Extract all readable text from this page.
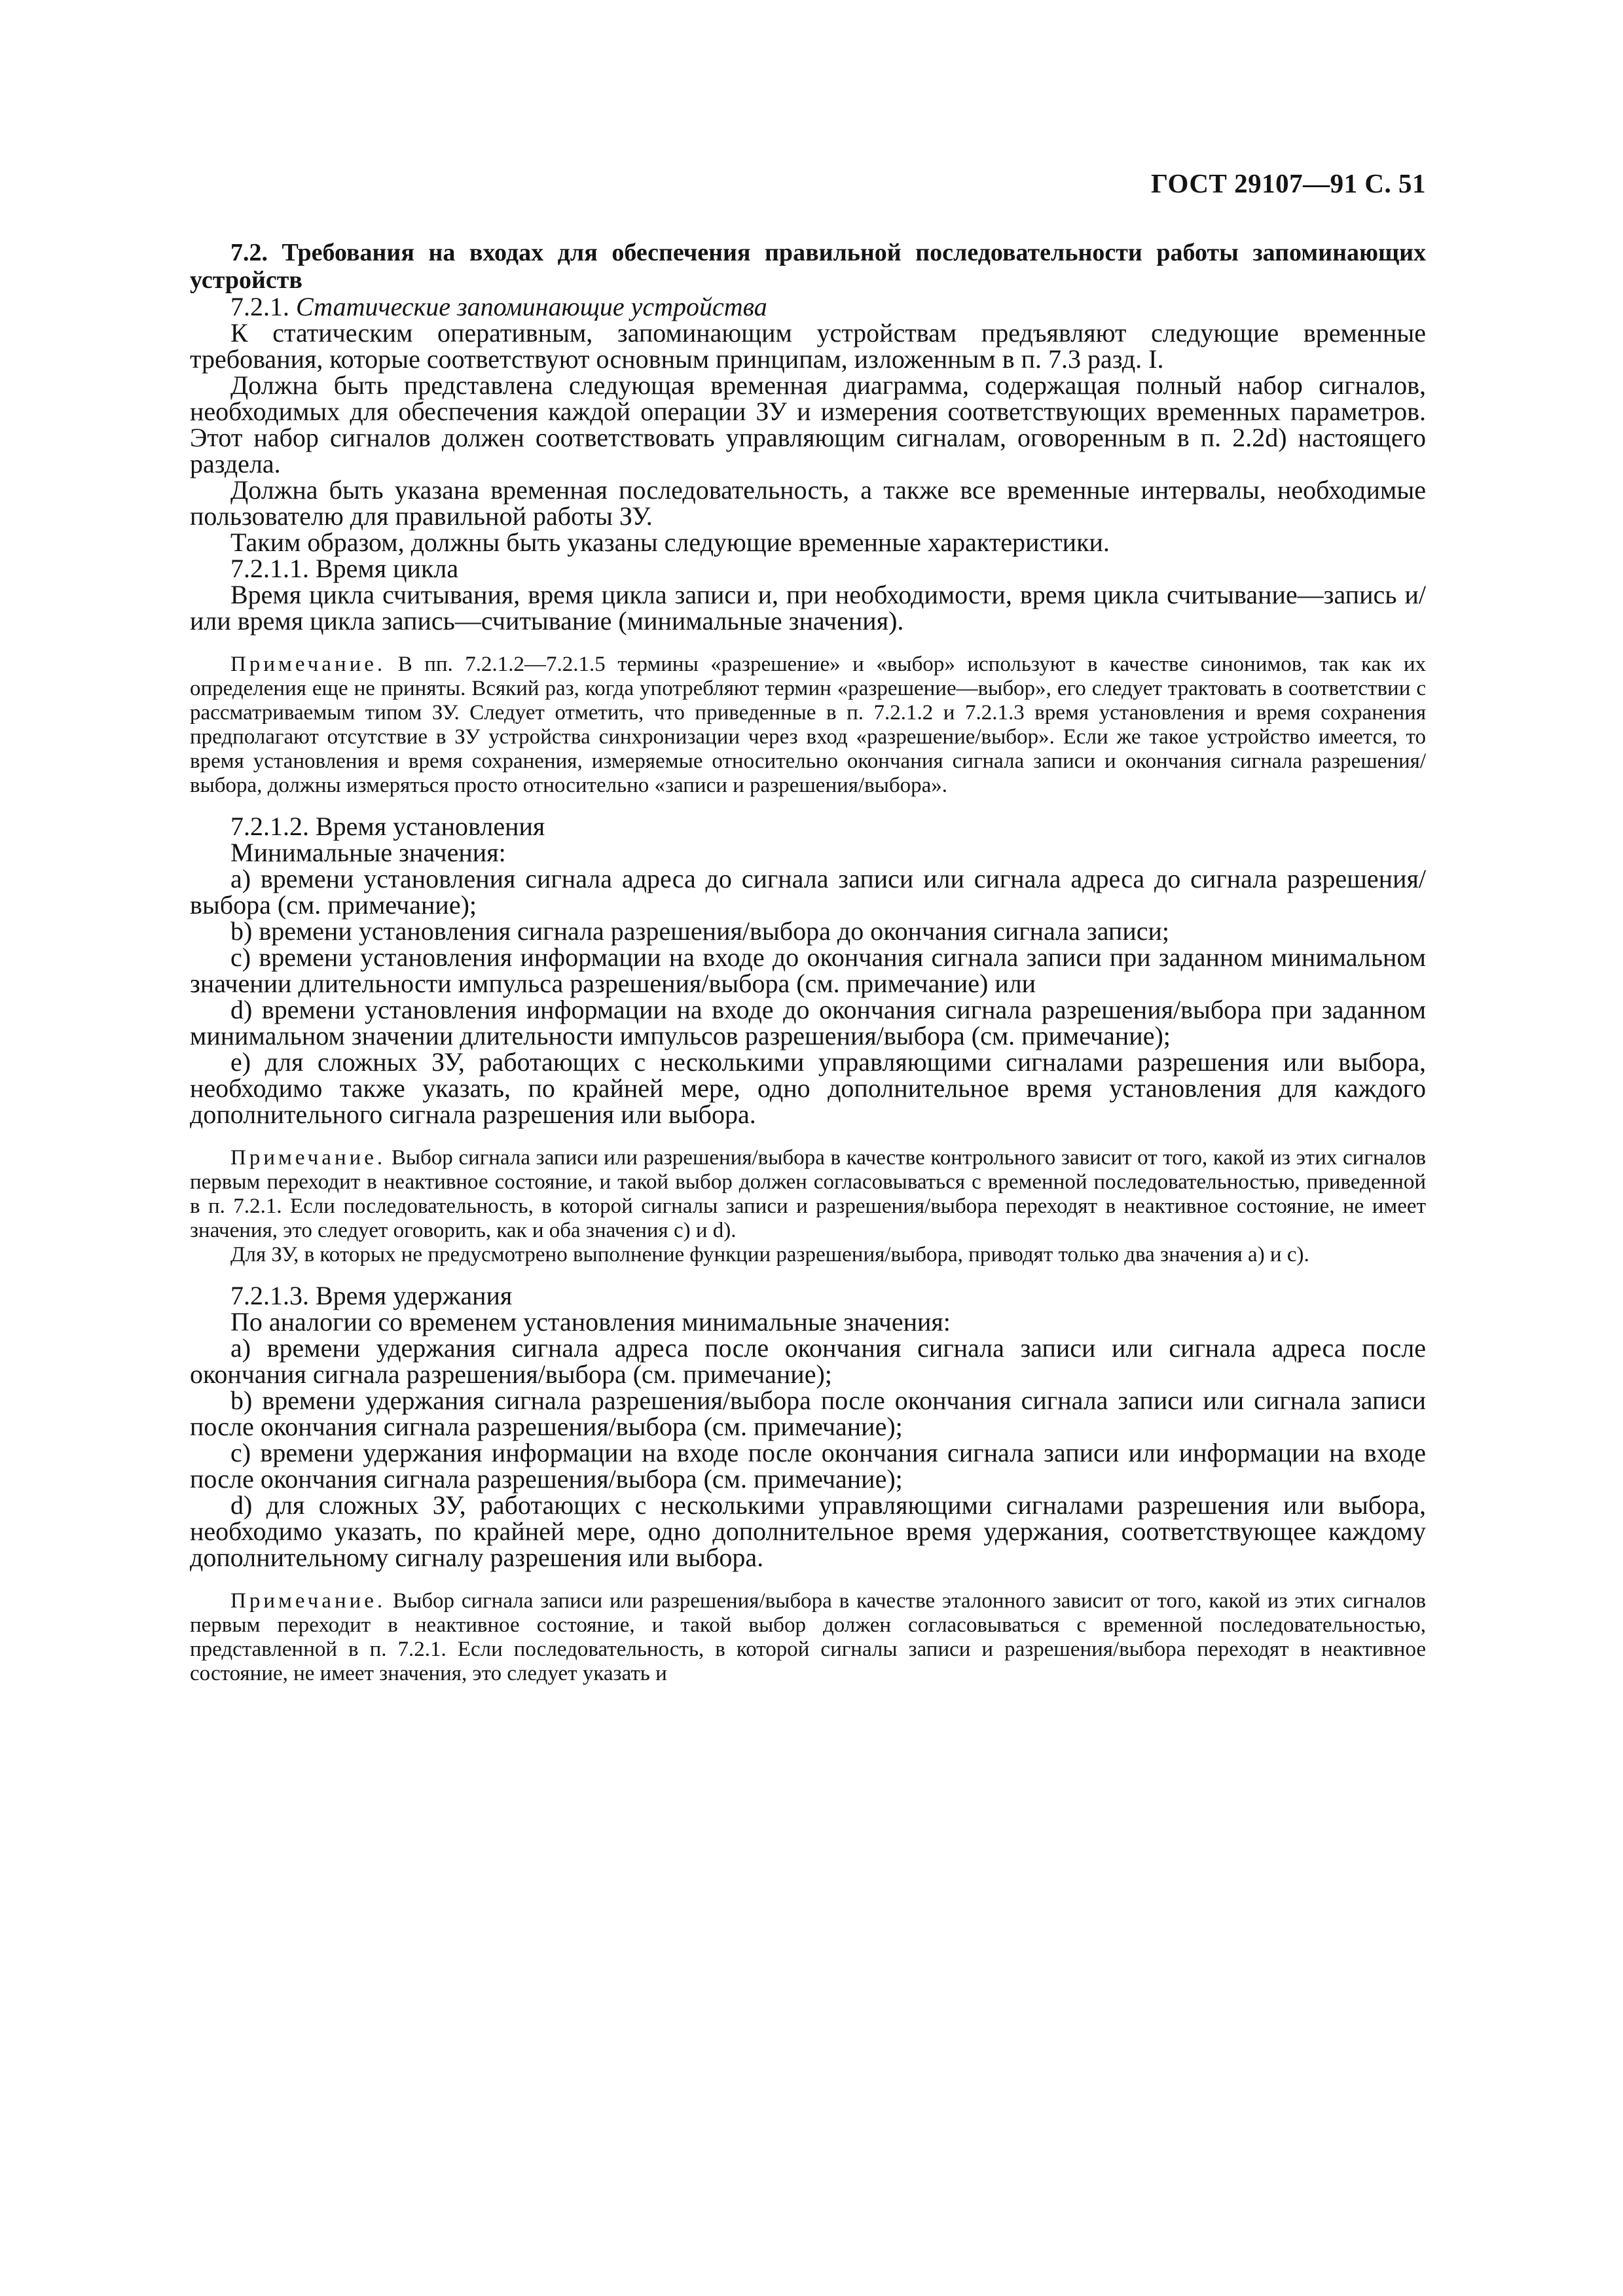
ГОСТ 29107—91 С. 51

7.2. Требования на входах для обеспечения правильной последовательности работы запоминающих устройств

7.2.1. Статические запоминающие устройства

К статическим оперативным, запоминающим устройствам предъявляют следующие временные требования, которые соответствуют основным принципам, изложенным в п. 7.3 разд. I.

Должна быть представлена следующая временная диаграмма, содержащая полный набор сигналов, необходимых для обеспечения каждой операции ЗУ и измерения соответствующих временных параметров. Этот набор сигналов должен соответствовать управляющим сигналам, оговоренным в п. 2.2d) настоящего раздела.

Должна быть указана временная последовательность, а также все временные интервалы, необходимые пользователю для правильной работы ЗУ.

Таким образом, должны быть указаны следующие временные характеристики.

7.2.1.1. Время цикла

Время цикла считывания, время цикла записи и, при необходимости, время цикла считывание—запись и/или время цикла запись—считывание (минимальные значения).

Примечание. В пп. 7.2.1.2—7.2.1.5 термины «разрешение» и «выбор» используют в качестве синонимов, так как их определения еще не приняты. Всякий раз, когда употребляют термин «разрешение—выбор», его следует трактовать в соответствии с рассматриваемым типом ЗУ. Следует отметить, что приведенные в п. 7.2.1.2 и 7.2.1.3 время установления и время сохранения предполагают отсутствие в ЗУ устройства синхронизации через вход «разрешение/выбор». Если же такое устройство имеется, то время установления и время сохранения, измеряемые относительно окончания сигнала записи и окончания сигнала разрешения/выбора, должны измеряться просто относительно «записи и разрешения/выбора».

7.2.1.2. Время установления

Минимальные значения:

a) времени установления сигнала адреса до сигнала записи или сигнала адреса до сигнала разрешения/выбора (см. примечание);

b) времени установления сигнала разрешения/выбора до окончания сигнала записи;

c) времени установления информации на входе до окончания сигнала записи при заданном минимальном значении длительности импульса разрешения/выбора (см. примечание) или

d) времени установления информации на входе до окончания сигнала разрешения/выбора при заданном минимальном значении длительности импульсов разрешения/выбора (см. примечание);

e) для сложных ЗУ, работающих с несколькими управляющими сигналами разрешения или выбора, необходимо также указать, по крайней мере, одно дополнительное время установления для каждого дополнительного сигнала разрешения или выбора.

Примечание. Выбор сигнала записи или разрешения/выбора в качестве контрольного зависит от того, какой из этих сигналов первым переходит в неактивное состояние, и такой выбор должен согласовываться с временной последовательностью, приведенной в п. 7.2.1. Если последовательность, в которой сигналы записи и разрешения/выбора переходят в неактивное состояние, не имеет значения, это следует оговорить, как и оба значения с) и d).

Для ЗУ, в которых не предусмотрено выполнение функции разрешения/выбора, приводят только два значения а) и с).

7.2.1.3. Время удержания

По аналогии со временем установления минимальные значения:

a) времени удержания сигнала адреса после окончания сигнала записи или сигнала адреса после окончания сигнала разрешения/выбора (см. примечание);

b) времени удержания сигнала разрешения/выбора после окончания сигнала записи или сигнала записи после окончания сигнала разрешения/выбора (см. примечание);

c) времени удержания информации на входе после окончания сигнала записи или информации на входе после окончания сигнала разрешения/выбора (см. примечание);

d) для сложных ЗУ, работающих с несколькими управляющими сигналами разрешения или выбора, необходимо указать, по крайней мере, одно дополнительное время удержания, соответствующее каждому дополнительному сигналу разрешения или выбора.

Примечание. Выбор сигнала записи или разрешения/выбора в качестве эталонного зависит от того, какой из этих сигналов первым переходит в неактивное состояние, и такой выбор должен согласовываться с временной последовательностью, представленной в п. 7.2.1. Если последовательность, в которой сигналы записи и разрешения/выбора переходят в неактивное состояние, не имеет значения, это следует указать и
